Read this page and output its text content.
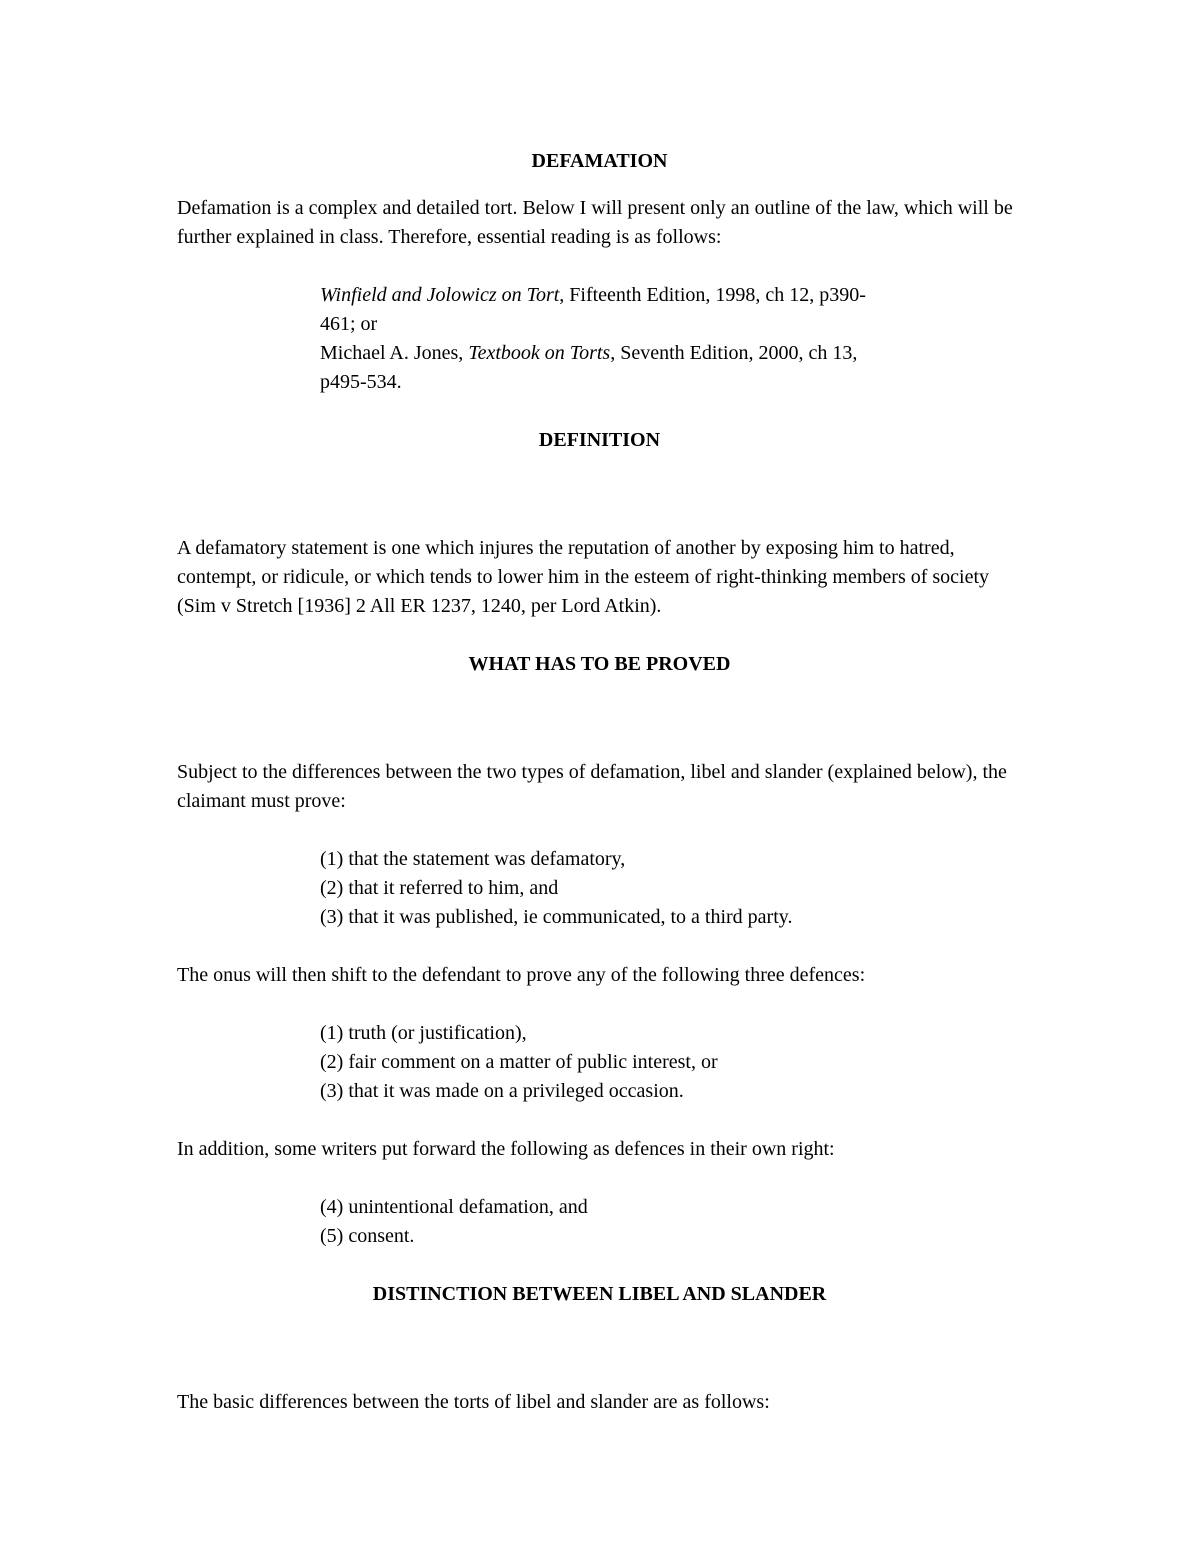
DEFAMATION

Defamation is a complex and detailed tort. Below I will present only an outline of the law, which will be further explained in class. Therefore, essential reading is as follows:

Winfield and Jolowicz on Tort, Fifteenth Edition, 1998, ch 12, p390-461; or
Michael A. Jones, Textbook on Torts, Seventh Edition, 2000, ch 13, p495-534.
DEFINITION

A defamatory statement is one which injures the reputation of another by exposing him to hatred, contempt, or ridicule, or which tends to lower him in the esteem of right-thinking members of society (Sim v Stretch [1936] 2 All ER 1237, 1240, per Lord Atkin).

WHAT HAS TO BE PROVED

Subject to the differences between the two types of defamation, libel and slander (explained below), the claimant must prove:

(1) that the statement was defamatory,
(2) that it referred to him, and
(3) that it was published, ie communicated, to a third party.

The onus will then shift to the defendant to prove any of the following three defences:

(1) truth (or justification),
(2) fair comment on a matter of public interest, or
(3) that it was made on a privileged occasion.

In addition, some writers put forward the following as defences in their own right:

(4) unintentional defamation, and
(5) consent.
DISTINCTION BETWEEN LIBEL AND SLANDER

The basic differences between the torts of libel and slander are as follows:
